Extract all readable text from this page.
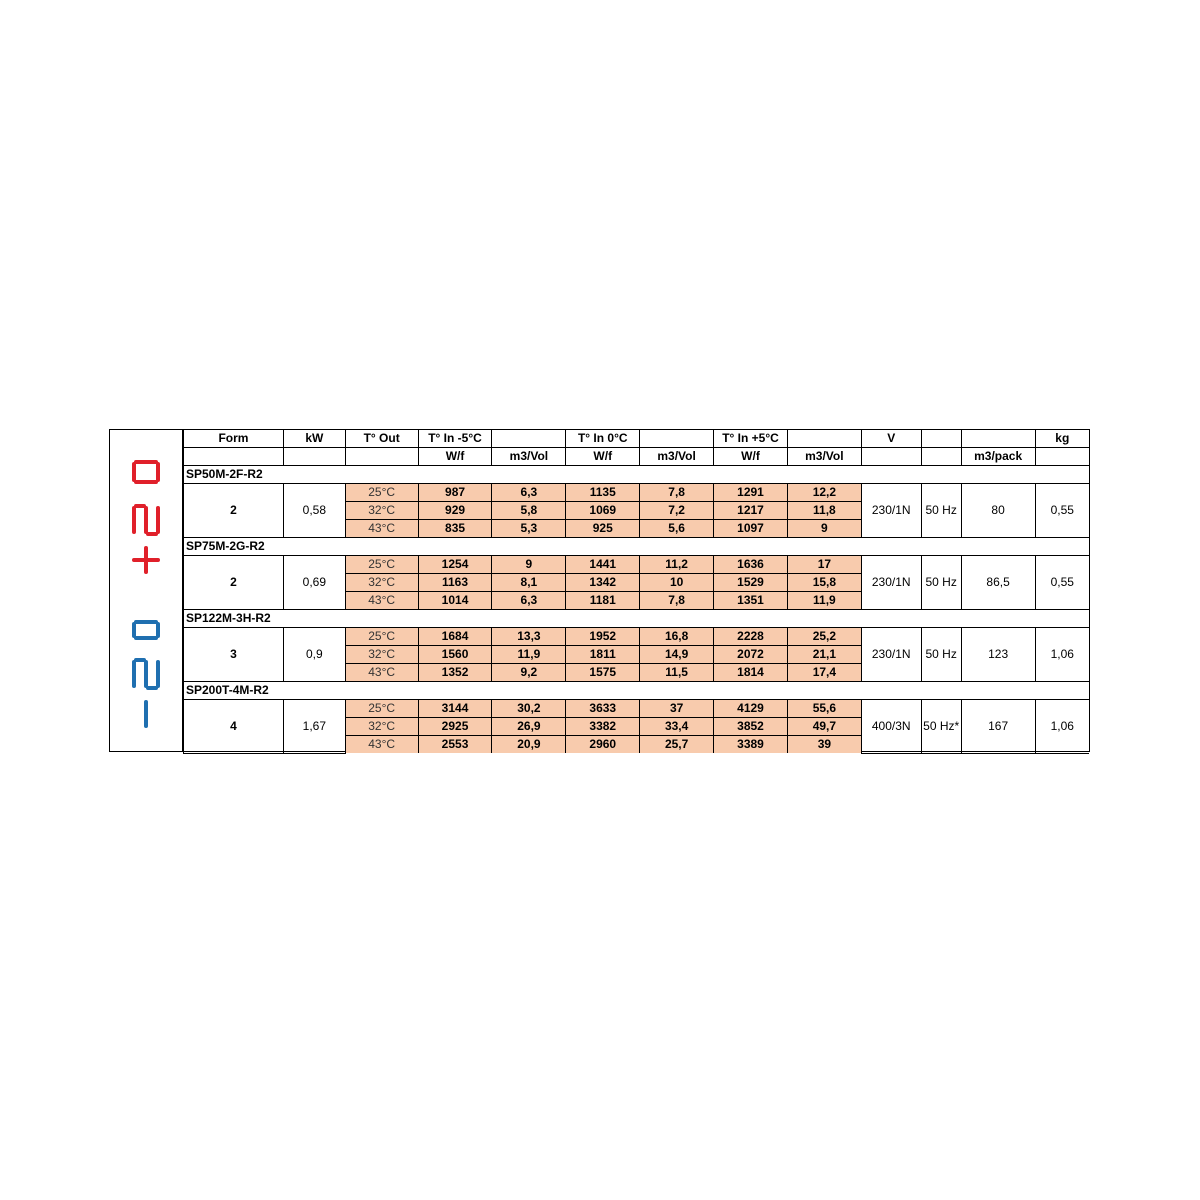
Form	kW	T° Out	T° In -5°C		T° In 0°C		T° In +5°C		V			kg
			W/f	m3/Vol	W/f	m3/Vol	W/f	m3/Vol			m3/pack	
SP50M-2F-R2												
2	0,58	25°C	987	6,3	1135	7,8	1291	12,2	230/1N	50 Hz	80	0,55
		32°C	929	5,8	1069	7,2	1217	11,8				
		43°C	835	5,3	925	5,6	1097	9				
SP75M-2G-R2												
2	0,69	25°C	1254	9	1441	11,2	1636	17	230/1N	50 Hz	86,5	0,55
		32°C	1163	8,1	1342	10	1529	15,8				
		43°C	1014	6,3	1181	7,8	1351	11,9				
SP122M-3H-R2												
3	0,9	25°C	1684	13,3	1952	16,8	2228	25,2	230/1N	50 Hz	123	1,06
		32°C	1560	11,9	1811	14,9	2072	21,1				
		43°C	1352	9,2	1575	11,5	1814	17,4				
SP200T-4M-R2												
4	1,67	25°C	3144	30,2	3633	37	4129	55,6	400/3N	50 Hz*	167	1,06
		32°C	2925	26,9	3382	33,4	3852	49,7				
		43°C	2553	20,9	2960	25,7	3389	39				
